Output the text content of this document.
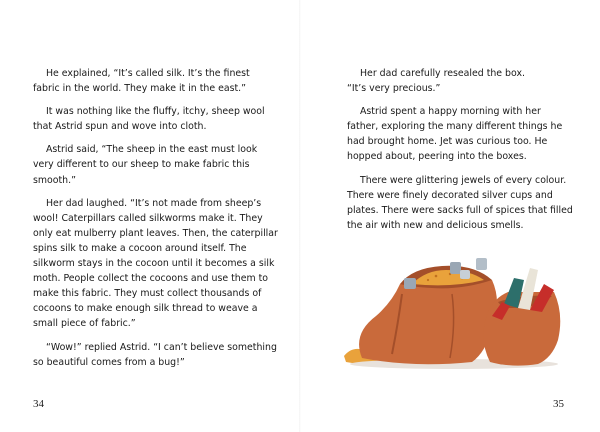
He explained, “It’s called silk. It’s the finest fabric in the world. They make it in the east.”

It was nothing like the fluffy, itchy, sheep wool that Astrid spun and wove into cloth.

Astrid said, “The sheep in the east must look very different to our sheep to make fabric this smooth.”

Her dad laughed. “It’s not made from sheep’s wool! Caterpillars called silkworms make it. They only eat mulberry plant leaves. Then, the caterpillar spins silk to make a cocoon around itself. The silkworm stays in the cocoon until it becomes a silk moth. People collect the cocoons and use them to make this fabric. They must collect thousands of cocoons to make enough silk thread to weave a small piece of fabric.”

“Wow!” replied Astrid. “I can’t believe something so beautiful comes from a bug!”

Her dad carefully resealed the box.

“It’s very precious.”

Astrid spent a happy morning with her father, exploring the many different things he had brought home. Jet was curious too. He hopped about, peering into the boxes.

There were glittering jewels of every colour. There were finely decorated silver cups and plates. There were sacks full of spices that filled the air with new and delicious smells.

34	35
